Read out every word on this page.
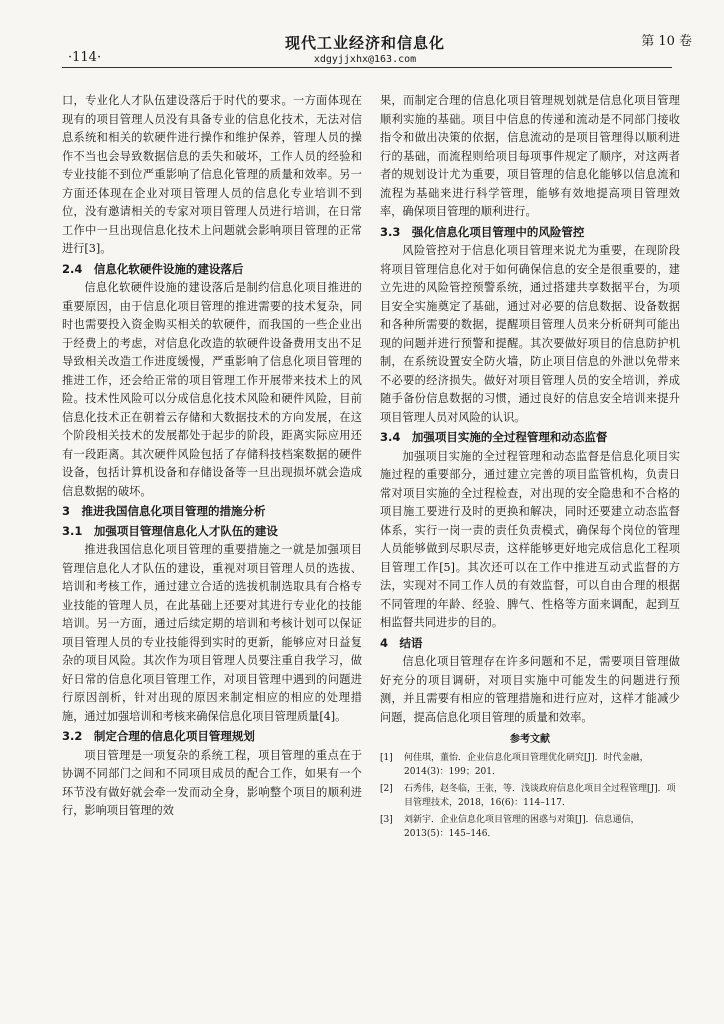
·114·
现代工业经济和信息化
xdgyjjxhx@163.com
第 10 卷

口，专业化人才队伍建设落后于时代的要求。一方面体现在现有的项目管理人员没有具备专业的信息化技术，无法对信息系统和相关的软硬件进行操作和维护保养，管理人员的操作不当也会导致数据信息的丢失和破坏，工作人员的经验和专业技能不到位严重影响了信息化管理的质量和效率。另一方面还体现在企业对项目管理人员的信息化专业培训不到位，没有邀请相关的专家对项目管理人员进行培训，在日常工作中一旦出现信息化技术上问题就会影响项目管理的正常进行[3]。

2.4　信息化软硬件设施的建设落后

信息化软硬件设施的建设落后是制约信息化项目推进的重要原因，由于信息化项目管理的推进需要的技术复杂，同时也需要投入资金购买相关的软硬件，而我国的一些企业出于经费上的考虑，对信息化改造的软硬件设备费用支出不足导致相关改造工作进度缓慢，严重影响了信息化项目管理的推进工作，还会给正常的项目管理工作开展带来技术上的风险。技术性风险可以分成信息化技术风险和硬件风险，目前信息化技术正在朝着云存储和大数据技术的方向发展，在这个阶段相关技术的发展都处于起步的阶段，距离实际应用还有一段距离。其次硬件风险包括了存储科技档案数据的硬件设备，包括计算机设备和存储设备等一旦出现损坏就会造成信息数据的破坏。

3　推进我国信息化项目管理的措施分析
3.1　加强项目管理信息化人才队伍的建设

推进我国信息化项目管理的重要措施之一就是加强项目管理信息化人才队伍的建设，重视对项目管理人员的选拔、培训和考核工作，通过建立合适的选拔机制选取具有合格专业技能的管理人员，在此基础上还要对其进行专业化的技能培训。另一方面，通过后续定期的培训和考核计划可以保证项目管理人员的专业技能得到实时的更新，能够应对日益复杂的项目风险。其次作为项目管理人员要注重自我学习，做好日常的信息化项目管理工作，对项目管理中遇到的问题进行原因剖析，针对出现的原因来制定相应的相应的处理措施，通过加强培训和考核来确保信息化项目管理质量[4]。

3.2　制定合理的信息化项目管理规划

项目管理是一项复杂的系统工程，项目管理的重点在于协调不同部门之间和不同项目成员的配合工作，如果有一个环节没有做好就会牵一发而动全身，影响整个项目的顺利进行，影响项目管理的效

果，而制定合理的信息化项目管理规划就是信息化项目管理顺利实施的基础。项目中信息的传递和流动是不同部门接收指令和做出决策的依据，信息流动的是项目管理得以顺利进行的基础，而流程则给项目每项事件规定了顺序，对这两者者的规划设计尤为重要，项目管理的信息化能够以信息流和流程为基础来进行科学管理，能够有效地提高项目管理效率，确保项目管理的顺利进行。

3.3　强化信息化项目管理中的风险管控

风险管控对于信息化项目管理来说尤为重要，在现阶段将项目管理信息化对于如何确保信息的安全是很重要的，建立先进的风险管控预警系统，通过搭建共享数据平台，为项目安全实施奠定了基础，通过对必要的信息数据、设备数据和各种所需要的数据，提醒项目管理人员来分析研判可能出现的问题并进行预警和提醒。其次要做好项目的信息防护机制，在系统设置安全防火墙，防止项目信息的外泄以免带来不必要的经济损失。做好对项目管理人员的安全培训，养成随手备份信息数据的习惯，通过良好的信息安全培训来提升项目管理人员对风险的认识。

3.4　加强项目实施的全过程管理和动态监督

加强项目实施的全过程管理和动态监督是信息化项目实施过程的重要部分，通过建立完善的项目监管机构，负责日常对项目实施的全过程检查，对出现的安全隐患和不合格的项目施工要进行及时的更换和解决，同时还要建立动态监督体系，实行一岗一责的责任负责模式，确保每个岗位的管理人员能够做到尽职尽责，这样能够更好地完成信息化工程项目管理工作[5]。其次还可以在工作中推进互动式监督的方法，实现对不同工作人员的有效监督，可以自由合理的根据不同管理的年龄、经验、脾气、性格等方面来调配，起到互相监督共同进步的目的。

4　结语

信息化项目管理存在许多问题和不足，需要项目管理做好充分的项目调研，对项目实施中可能发生的问题进行预测，并且需要有相应的管理措施和进行应对，这样才能减少问题，提高信息化项目管理的质量和效率。

参考文献
[1]	何佳琪，董怡．企业信息化项目管理优化研究[J]．时代金融，2014(3)：199；201．
[2]	石秀伟，赵冬临，王张，等．浅谈政府信息化项目全过程管理[J]．项目管理技术，2018，16(6)：114–117．
[3]	刘新宇．企业信息化项目管理的困惑与对策[J]．信息通信，2013(5)：145–146．
